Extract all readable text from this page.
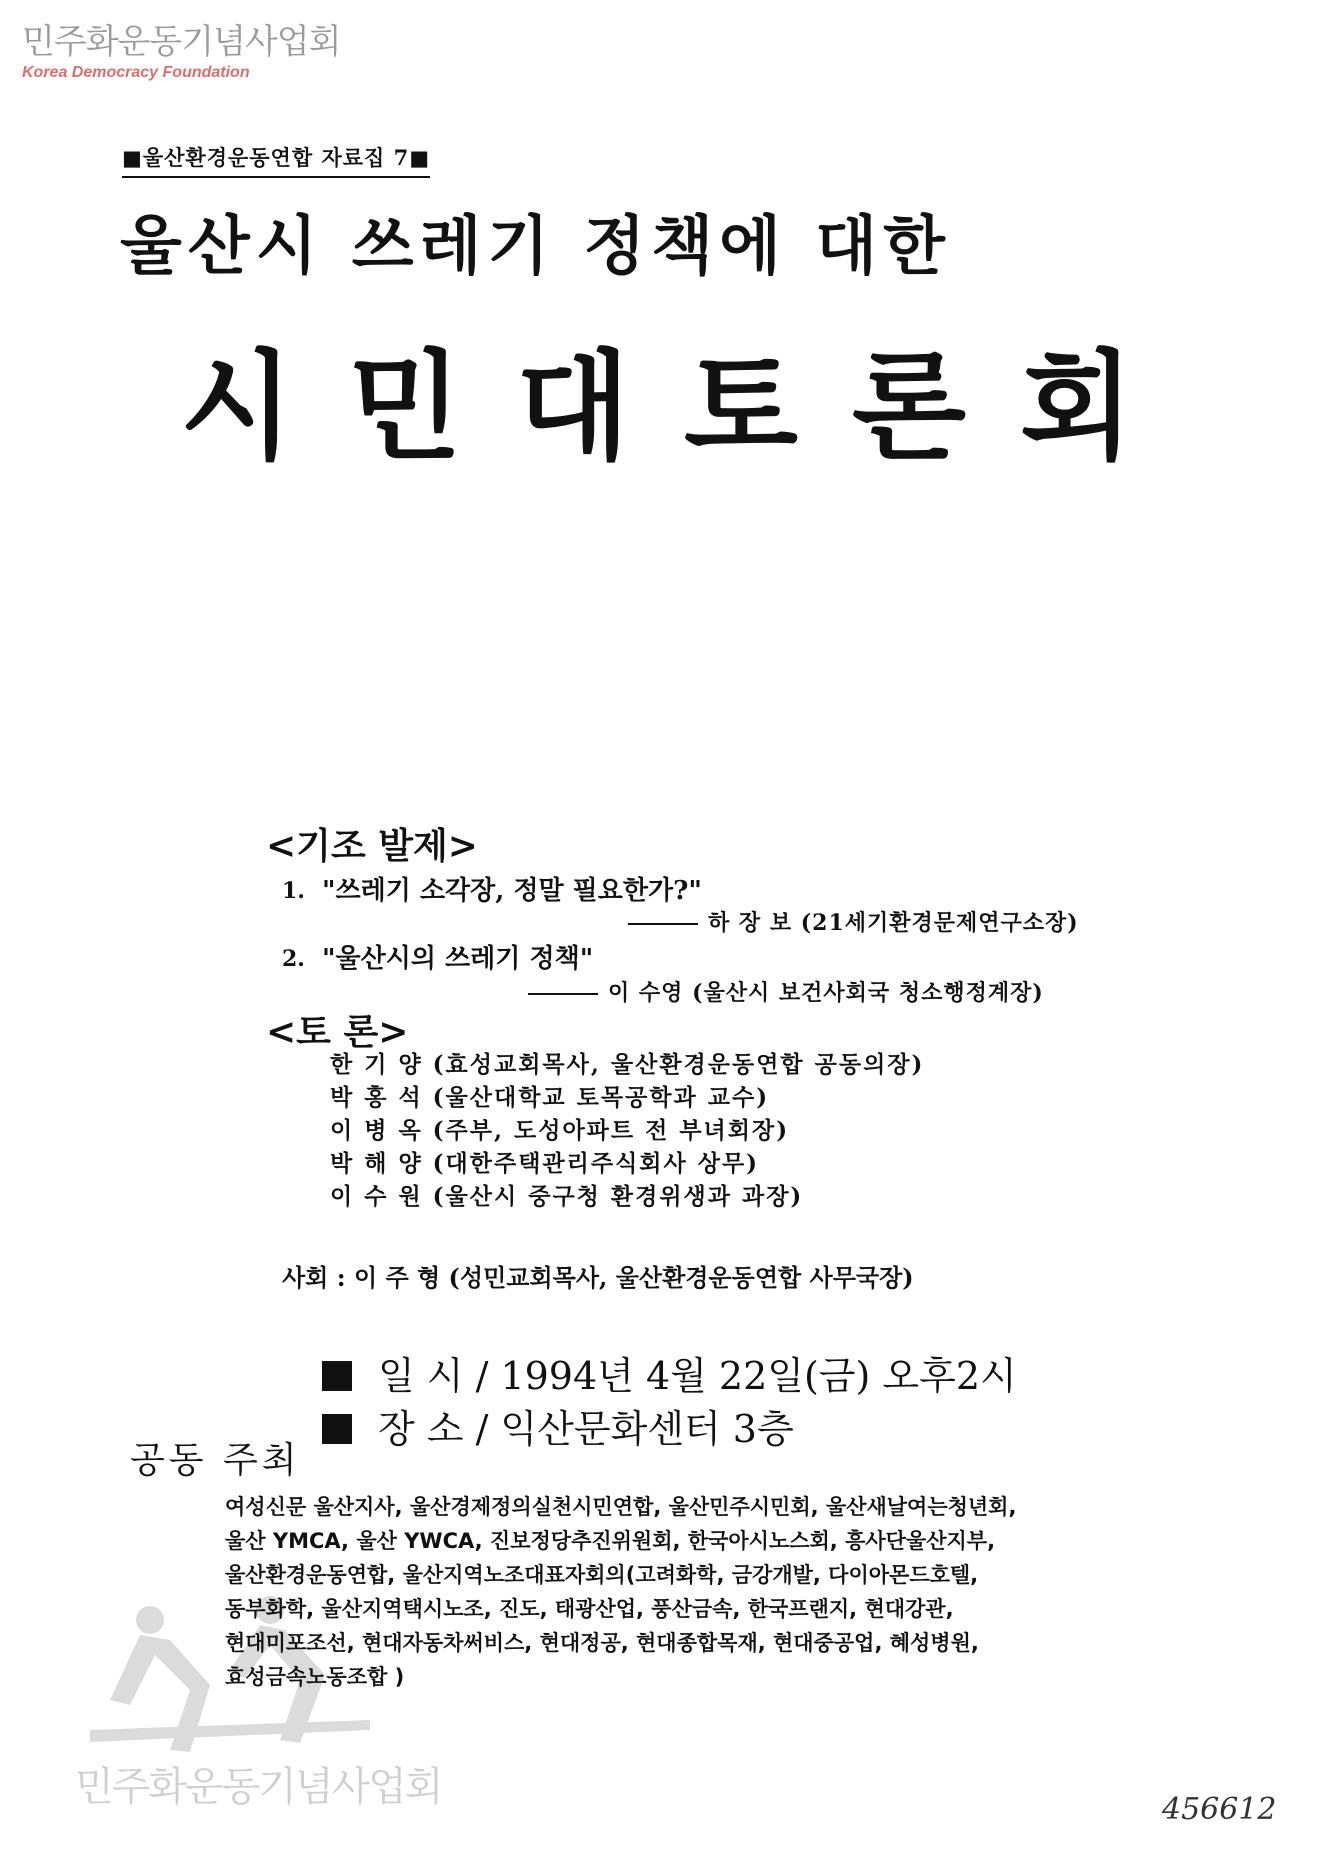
민주화운동기념사업회
Korea Democracy Foundation
민주화운동기념사업회
■울산환경운동연합 자료집 7■
울산시 쓰레기 정책에 대한
시민대토론회
<기조 발제>
1. "쓰레기 소각장, 정말 필요한가?"
하 장 보 (21세기환경문제연구소장)
2. "울산시의 쓰레기 정책"
이 수영 (울산시 보건사회국 청소행정계장)
<토 론>
한 기 양 (효성교회목사, 울산환경운동연합 공동의장)
박 홍 석 (울산대학교 토목공학과 교수)
이 병 옥 (주부, 도성아파트 전 부녀회장)
박 해 양 (대한주택관리주식회사 상무)
이 수 원 (울산시 중구청 환경위생과 과장)
사회 : 이 주 형 (성민교회목사, 울산환경운동연합 사무국장)
일 시 / 1994년 4월 22일(금) 오후2시
장 소 / 익산문화센터 3층
공동 주최
여성신문 울산지사, 울산경제정의실천시민연합, 울산민주시민회, 울산새날여는청년회,
울산 YMCA, 울산 YWCA, 진보정당추진위원회, 한국아시노스회, 흥사단울산지부,
울산환경운동연합, 울산지역노조대표자회의(고려화학, 금강개발, 다이아몬드호텔,
동부화학, 울산지역택시노조, 진도, 태광산업, 풍산금속, 한국프랜지, 현대강관,
현대미포조선, 현대자동차써비스, 현대정공, 현대종합목재, 현대중공업, 혜성병원,
효성금속노동조합 )
456612
